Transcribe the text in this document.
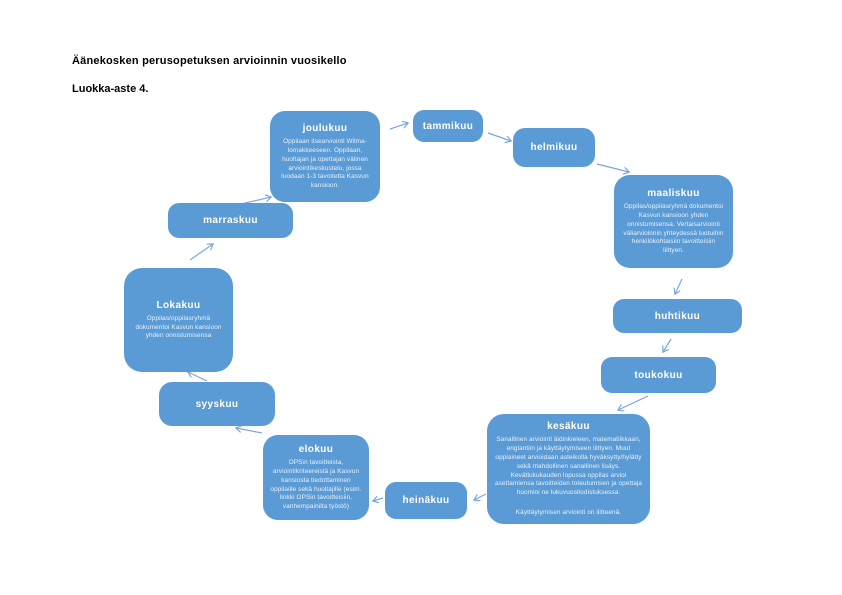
Äänekosken perusopetuksen arvioinnin vuosikello
Luokka-aste 4.
joulukuu
Oppilaan itsearviointi Wilma-lomakkeeseen. Oppilaan, huoltajan ja opettajan välinen arviointikeskustelu, jossa luodaan 1-3 tavoitetta Kasvun kansioon.
tammikuu
helmikuu
maaliskuu
Oppilas/oppilasryhmä dokumentoi Kasvun kansioon yhden onnistumisensa. Vertaisarviointi väliarvioinnin yhteydessä luotuihin henkilökohtaisiin tavoitteisiin liittyen.
huhtikuu
toukokuu
kesäkuu
Sanallinen arviointi äidinkieleen, matematiikkaan, englantiin ja käyttäytymiseen liittyen. Muut oppiaineet arvioidaan asteikolla hyväksytty/hylätty sekä mahdollinen sanallinen lisäys. Kevätlukukauden lopussa oppilas arvioi asettamiensa tavoitteiden toteutumisen ja opettaja huomioi ne lukuvuositodistuksessa.
Käyttäytymisen arviointi on liitteenä.
heinäkuu
elokuu
OPSin tavoitteista, arviointikriteereistä ja Kasvun kansiosta tiedottaminen oppilaille sekä huoltajille (esim. linkki OPSin tavoitteisiin, vanhempainilta työstö)
syyskuu
Lokakuu
Oppilas/oppilasryhmä dokumentoi Kasvun kansioon yhden onnistumisensa
marraskuu
